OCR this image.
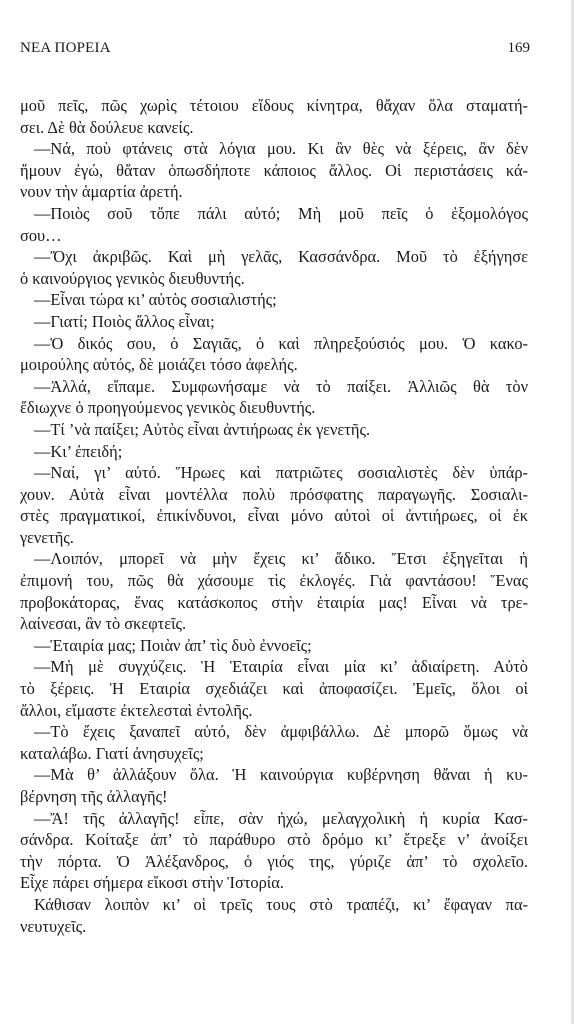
ΝΕΑ ΠΟΡΕΙΑ	169
μοῦ πεῖς, πῶς χωρὶς τέτοιου εἴδους κίνητρα, θἄχαν ὅλα σταματή-
σει. Δὲ θὰ δούλευε κανείς.
—Νά, ποὺ φτάνεις στὰ λόγια μου. Κι ἂν θὲς νὰ ξέρεις, ἂν δὲν
ἤμουν ἐγώ, θἄταν ὁπωσδήποτε κάποιος ἄλλος. Οἱ περιστάσεις κά-
νουν τὴν ἁμαρτία ἀρετή.
—Ποιὸς σοῦ τὄπε πάλι αὐτό; Μὴ μοῦ πεῖς ὁ ἐξομολόγος
σου…
—Ὄχι ἀκριβῶς. Καὶ μὴ γελᾶς, Κασσάνδρα. Μοῦ τὸ ἐξήγησε
ὁ καινούργιος γενικὸς διευθυντής.
—Εἶναι τώρα κι’ αὐτὸς σοσιαλιστής;
—Γιατί; Ποιὸς ἄλλος εἶναι;
—Ὁ δικός σου, ὁ Σαγιᾶς, ὁ καὶ πληρεξούσιός μου. Ὁ κακο-
μοιρούλης αὐτός, δὲ μοιάζει τόσο ἀφελής.
—Ἀλλά, εἴπαμε. Συμφωνήσαμε νὰ τὸ παίξει. Ἀλλιῶς θὰ τὸν
ἔδιωχνε ὁ προηγούμενος γενικὸς διευθυντής.
—Τί ’νὰ παίξει; Αὐτὸς εἶναι ἀντιήρωας ἐκ γενετῆς.
—Κι’ ἐπειδή;
—Ναί, γι’ αὐτό. Ἥρωες καὶ πατριῶτες σοσιαλιστὲς δὲν ὑπάρ-
χουν. Αὐτὰ εἶναι μοντέλλα πολὺ πρόσφατης παραγωγῆς. Σοσιαλι-
στὲς πραγματικοί, ἐπικίνδυνοι, εἶναι μόνο αὐτοὶ οἱ ἀντιήρωες, οἱ ἐκ
γενετῆς.
—Λοιπόν, μπορεῖ νὰ μὴν ἔχεις κι’ ἄδικο. Ἔτσι ἐξηγεῖται ἡ
ἐπιμονή του, πῶς θὰ χάσουμε τὶς ἐκλογές. Γιὰ φαντάσου! Ἕνας
προβοκάτορας, ἕνας κατάσκοπος στὴν ἑταιρία μας! Εἶναι νὰ τρε-
λαίνεσαι, ἂν τὸ σκεφτεῖς.
—Ἑταιρία μας; Ποιὰν ἀπ’ τὶς δυὸ ἐννοεῖς;
—Μὴ μὲ συγχύζεις. Ἡ Ἑταιρία εἶναι μία κι’ ἀδιαίρετη. Αὐτὸ
τὸ ξέρεις. Ἡ Εταιρία σχεδιάζει καὶ ἀποφασίζει. Ἐμεῖς, ὅλοι οἱ
ἄλλοι, εἴμαστε ἐκτελεσταὶ ἐντολῆς.
—Τὸ ἔχεις ξαναπεῖ αὐτό, δὲν ἀμφιβάλλω. Δὲ μπορῶ ὅμως νὰ
καταλάβω. Γιατί ἀνησυχεῖς;
—Μὰ θ’ ἀλλάξουν ὅλα. Ἡ καινούργια κυβέρνηση θἄναι ἡ κυ-
βέρνηση τῆς ἀλλαγῆς!
—Ἄ! τῆς ἀλλαγῆς! εἶπε, σὰν ἠχώ, μελαγχολικὴ ἡ κυρία Κασ-
σάνδρα. Κοίταξε ἀπ’ τὸ παράθυρο στὸ δρόμο κι’ ἔτρεξε ν’ ἀνοίξει
τὴν πόρτα. Ὁ Ἀλέξανδρος, ὁ γιός της, γύριζε ἀπ’ τὸ σχολεῖο.
Εἶχε πάρει σήμερα εἴκοσι στὴν Ἱστορία.
Κάθισαν λοιπὸν κι’ οἱ τρεῖς τους στὸ τραπέζι, κι’ ἔφαγαν πα-
νευτυχεῖς.
